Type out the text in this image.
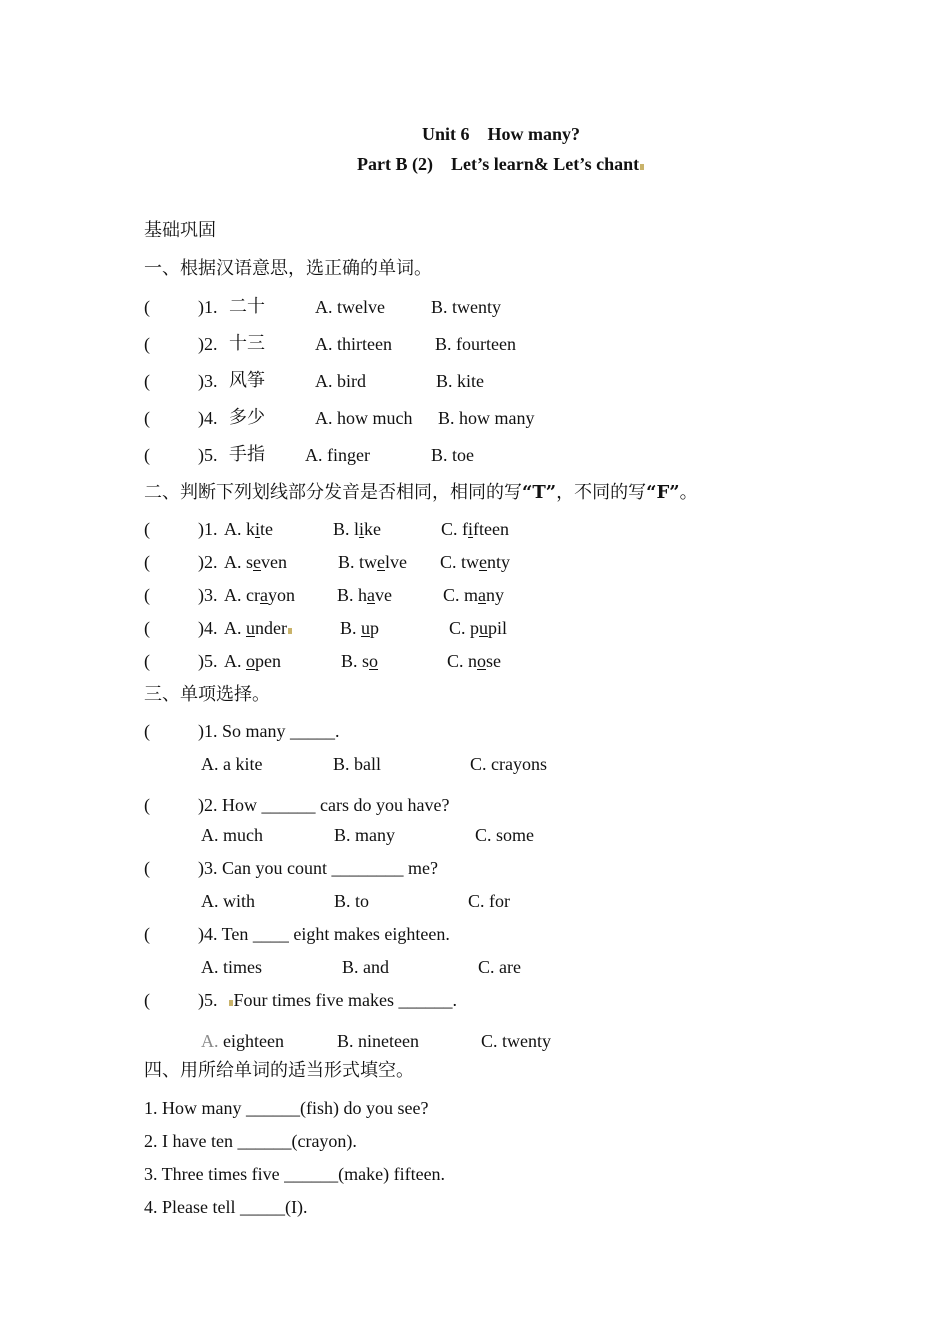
Unit 6    How many?
Part B (2)    Let’s learn& Let’s chant
基础巩固
一、根据汉语意思，选正确的单词。
(	)1. 二十	A. twelve	B. twenty
(	)2. 十三	A. thirteen B. fourteen
(	)3. 风筝	A. bird	B. kite
(	)4. 多少	A. how much B. how many
(	)5. 手指 A. finger	B. toe
二、判断下列划线部分发音是否相同，相同的写“T”，不同的写“F”。
(	)1. A. kite	B. like	C. fifteen
(	)2. A. seven	B. twelve C. twenty
(	)3. A. crayon B. have	C. many
(	)4. A. under	B. up	C. pupil
(	)5. A. open	B. so	C. nose
三、单项选择。
(	)1. So many _____.
A. a kite	B. ball	C. crayons
(	)2. How ______ cars do you have?
A. much	B. many	C. some
(	)3. Can you count ________ me?
A. with	B. to	C. for
(	)4. Ten ____ eight makes eighteen.
A. times	B. and	C. are
(	)5. Four times five makes ______.
A. eighteen	B. nineteen	C. twenty
四、用所给单词的适当形式填空。
1. How many ______(fish) do you see?
2. I have ten ______(crayon).
3. Three times five ______(make) fifteen.
4. Please tell _____(I).
